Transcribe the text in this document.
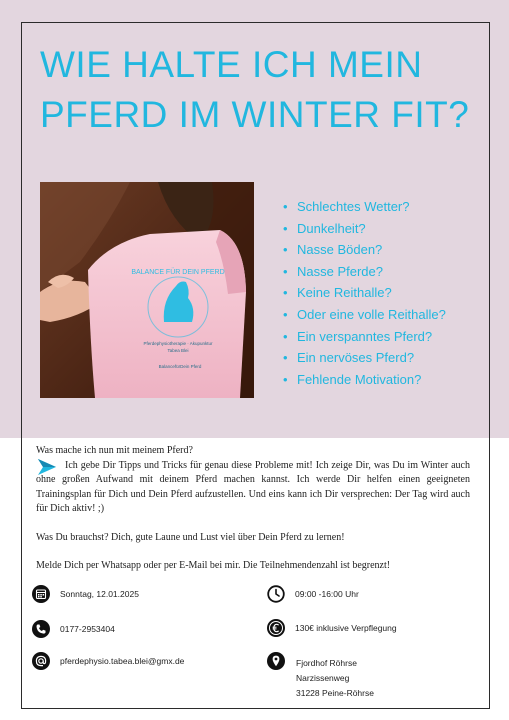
WIE HALTE ICH MEIN PFERD IM WINTER FIT?
BALANCE FÜR DEIN PFERD
Pferdephysiotherapie · Akupunktur
Tabea Blei
BalancefürDein Pferd
• Schlechtes Wetter?
• Dunkelheit?
• Nasse Böden?
• Nasse Pferde?
• Keine Reithalle?
• Oder eine volle Reithalle?
• Ein verspanntes Pferd?
• Ein nervöses Pferd?
• Fehlende Motivation?

Was mache ich nun mit meinem Pferd?

Ich gebe Dir Tipps und Tricks für genau diese Probleme mit! Ich zeige Dir, was Du im Winter auch ohne großen Aufwand mit deinem Pferd machen kannst. Ich werde Dir helfen einen geeigneten Trainingsplan für Dich und Dein Pferd aufzustellen. Und eins kann ich Dir versprechen: Der Tag wird auch für Dich aktiv! ;)

Was Du brauchst? Dich, gute Laune und Lust viel über Dein Pferd zu lernen!

Melde Dich per Whatsapp oder per E-Mail bei mir. Die Teilnehmendenzahl ist begrenzt!

Sonntag, 12.01.2025	09:00 -16:00 Uhr
0177-2953404	130€ inklusive Verpflegung
pferdephysio.tabea.blei@gmx.de	Fjordhof Röhrse
Narzissenweg
31228 Peine-Röhrse
